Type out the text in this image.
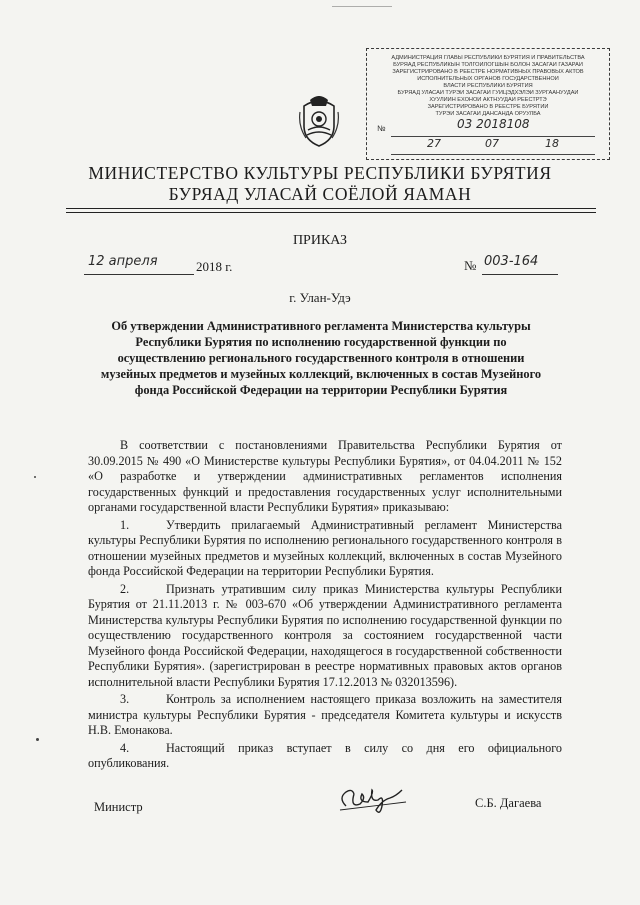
АДМИНИСТРАЦИЯ ГЛАВЫ РЕСПУБЛИКИ БУРЯТИЯ И ПРАВИТЕЛЬСТВА
БУРЯАД РЕСПУБЛИКЫН ТОЛГОЙЛОГШЫН БОЛОН ЗАСАГАЙ ГАЗАРАЙ
ЗАРЕГИСТРИРОВАНО В РЕЕСТРЕ НОРМАТИВНЫХ ПРАВОВЫХ АКТОВ
ИСПОЛНИТЕЛЬНЫХ ОРГАНОВ ГОСУДАРСТВЕННОЙ
ВЛАСТИ РЕСПУБЛИКИ БУРЯТИЯ
БУРЯАД УЛАСАЙ ТУРЭЙ ЗАСАГАЙ ГУЙЦЭДХЭЛЭЙ ЗУРГААНУУДАЙ
ХУУЛИИН ЁХОНОЙ АКТНУУДАЙ РЕЕСТРТЭ
ЗАРЕГИСТРИРОВАНО В РЕЕСТРЕ БУРЯТИИ
ТУРЭЙ ЗАСАГАЙ ДАНСАНДА ОРУУЛБА
№	03 2018108
27	07	18
МИНИСТЕРСТВО КУЛЬТУРЫ РЕСПУБЛИКИ БУРЯТИЯ
БУРЯАД УЛАСАЙ СОЁЛОЙ ЯАМАН
ПРИКАЗ
12 апреля	2018 г.	№ 003-164
г. Улан-Удэ
Об утверждении Административного регламента Министерства культуры Республики Бурятия по исполнению государственной функции по осуществлению регионального государственного контроля в отношении музейных предметов и музейных коллекций, включенных в состав Музейного фонда Российской Федерации на территории Республики Бурятия

В соответствии с постановлениями Правительства Республики Бурятия от 30.09.2015 № 490 «О Министерстве культуры Республики Бурятия», от 04.04.2011 № 152 «О разработке и утверждении административных регламентов исполнения государственных функций и предоставления государственных услуг исполнительными органами государственной власти Республики Бурятия» приказываю:

1.	Утвердить прилагаемый Административный регламент Министерства культуры Республики Бурятия по исполнению регионального государственного контроля в отношении музейных предметов и музейных коллекций, включенных в состав Музейного фонда Российской Федерации на территории Республики Бурятия.

2.	Признать утратившим силу приказ Министерства культуры Республики Бурятия от 21.11.2013 г. № 003-670 «Об утверждении Административного регламента Министерства культуры Республики Бурятия по исполнению государственной функции по осуществлению государственного контроля за состоянием государственной части Музейного фонда Российской Федерации, находящегося в государственной собственности Республики Бурятия». (зарегистрирован в реестре нормативных правовых актов органов исполнительной власти Республики Бурятия 17.12.2013 № 032013596).

3.	Контроль за исполнением настоящего приказа возложить на заместителя министра культуры Республики Бурятия - председателя Комитета культуры и искусств Н.В. Емонакова.

4.	Настоящий приказ вступает в силу со дня его официального опубликования.

Министр	С.Б. Дагаева
